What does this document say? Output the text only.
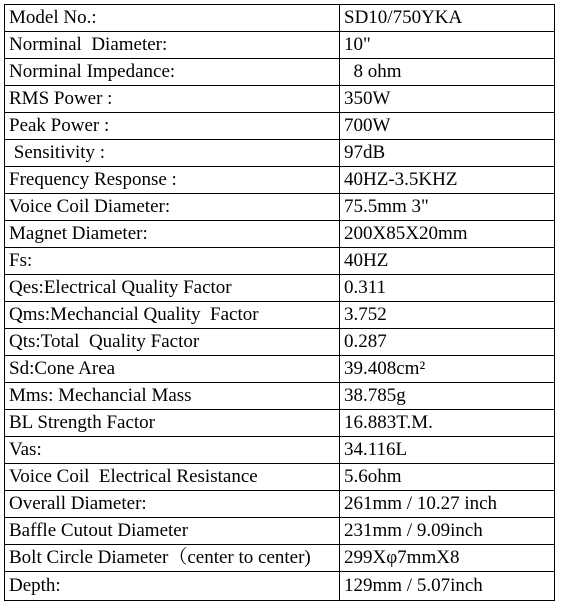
Model No.:	SD10/750YKA
Norminal  Diameter:	10"
Norminal Impedance:	8 ohm
RMS Power :	350W
Peak Power :	700W
Sensitivity :	97dB
Frequency Response :	40HZ-3.5KHZ
Voice Coil Diameter:	75.5mm 3"
Magnet Diameter:	200X85X20mm
Fs:	40HZ
Qes:Electrical Quality Factor	0.311
Qms:Mechancial Quality  Factor	3.752
Qts:Total  Quality Factor	0.287
Sd:Cone Area	39.408cm²
Mms: Mechancial Mass	38.785g
BL Strength Factor	16.883T.M.
Vas:	34.116L
Voice Coil  Electrical Resistance	5.6ohm
Overall Diameter:	261mm / 10.27 inch
Baffle Cutout Diameter	231mm / 9.09inch
Bolt Circle Diameter（center to center)	299Xφ7mmX8
Depth:	129mm / 5.07inch
